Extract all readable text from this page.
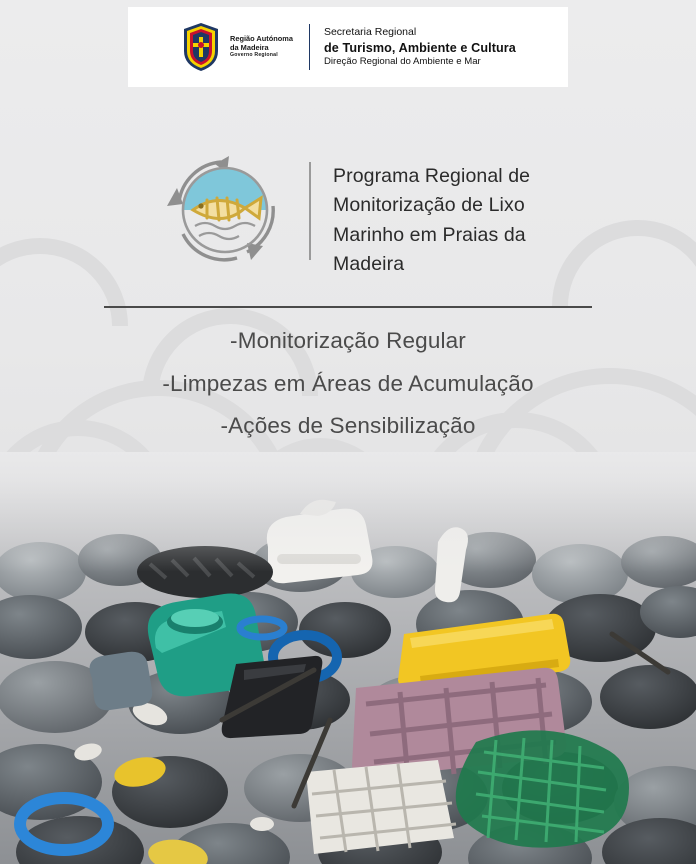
Região Autónoma
da Madeira
Governo Regional
Secretaria Regional
de Turismo, Ambiente e Cultura
Direção Regional do Ambiente e Mar
Programa Regional de Monitorização de Lixo Marinho em Praias da Madeira
-Monitorização Regular
-Limpezas em Áreas de Acumulação
-Ações de Sensibilização
